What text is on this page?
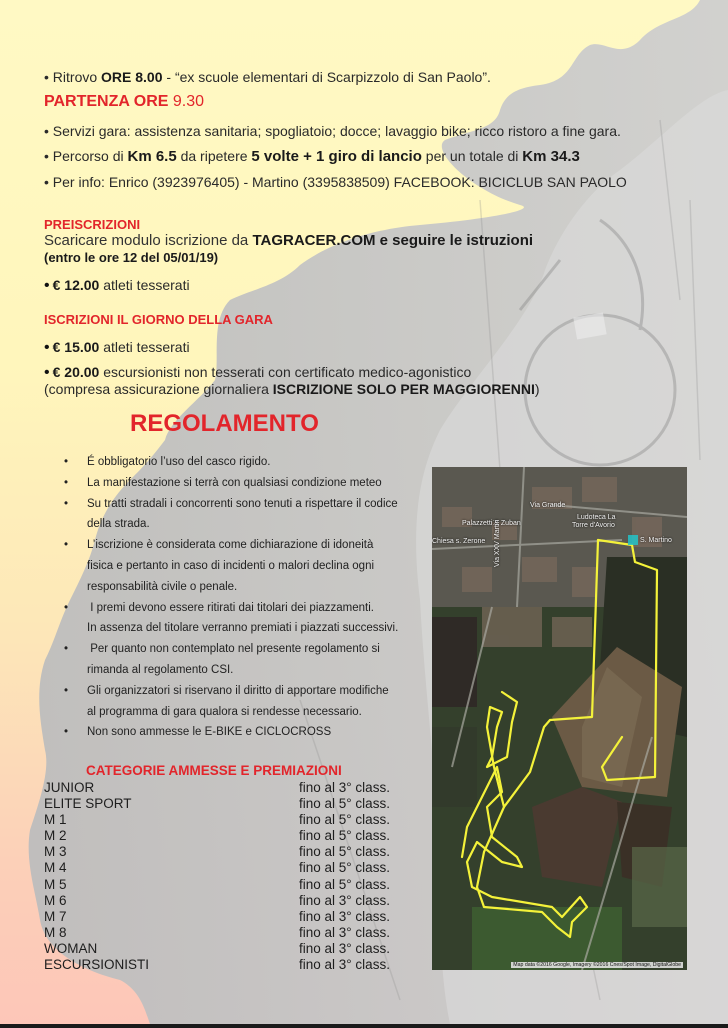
• Ritrovo ORE 8.00 - “ex scuole elementari di Scarpizzolo di San Paolo”.
PARTENZA ORE 9.30
• Servizi gara: assistenza sanitaria; spogliatoio; docce; lavaggio bike; ricco ristoro a fine gara.
• Percorso di Km 6.5 da ripetere 5 volte + 1 giro di lancio per un totale di Km 34.3
• Per info: Enrico (3923976405) - Martino (3395838509) FACEBOOK: BICICLUB SAN PAOLO
PREISCRIZIONI
Scaricare modulo iscrizione da TAGRACER.COM e seguire le istruzioni
(entro le ore 12 del 05/01/19)
• € 12.00 atleti tesserati
ISCRIZIONI IL GIORNO DELLA GARA
• € 15.00 atleti tesserati
• € 20.00 escursionisti non tesserati con certificato medico-agonistico
(compresa assicurazione giornaliera ISCRIZIONE SOLO PER MAGGIORENNI)
REGOLAMENTO
• É obbligatorio l’uso del casco rigido.
• La manifestazione si terrà con qualsiasi condizione meteo
• Su tratti stradali i concorrenti sono tenuti a rispettare il codice
della strada.
• L’iscrizione è considerata come dichiarazione di idoneità
fisica e pertanto in caso di incidenti o malori declina ogni
responsabilità civile o penale.
• I premi devono essere ritirati dai titolari dei piazzamenti.
In assenza del titolare verranno premiati i piazzati successivi.
• Per quanto non contemplato nel presente regolamento si
rimanda al regolamento CSI.
• Gli organizzatori si riservano il diritto di apportare modifiche
al programma di gara qualora si rendesse necessario.
• Non sono ammesse le E-BIKE e CICLOCROSS
CATEGORIE AMMESSE E PREMIAZIONI
JUNIOR	fino al 3° class.
ELITE SPORT	fino al 5° class.
M 1	fino al 5° class.
M 2	fino al 5° class.
M 3	fino al 5° class.
M 4	fino al 5° class.
M 5	fino al 5° class.
M 6	fino al 3° class.
M 7	fino al 3° class.
M 8	fino al 3° class.
WOMAN	fino al 3° class.
ESCURSIONISTI	fino al 3° class.
Via Grande
Ludoteca La
Torre d'Avorio
Palazzetti & Zuban
Chiesa s. Zerone Via XXV Martiri	S. Martino
Map data ©2016 Google, Imagery ©2016 Cnes/Spot Image, DigitalGlobe
